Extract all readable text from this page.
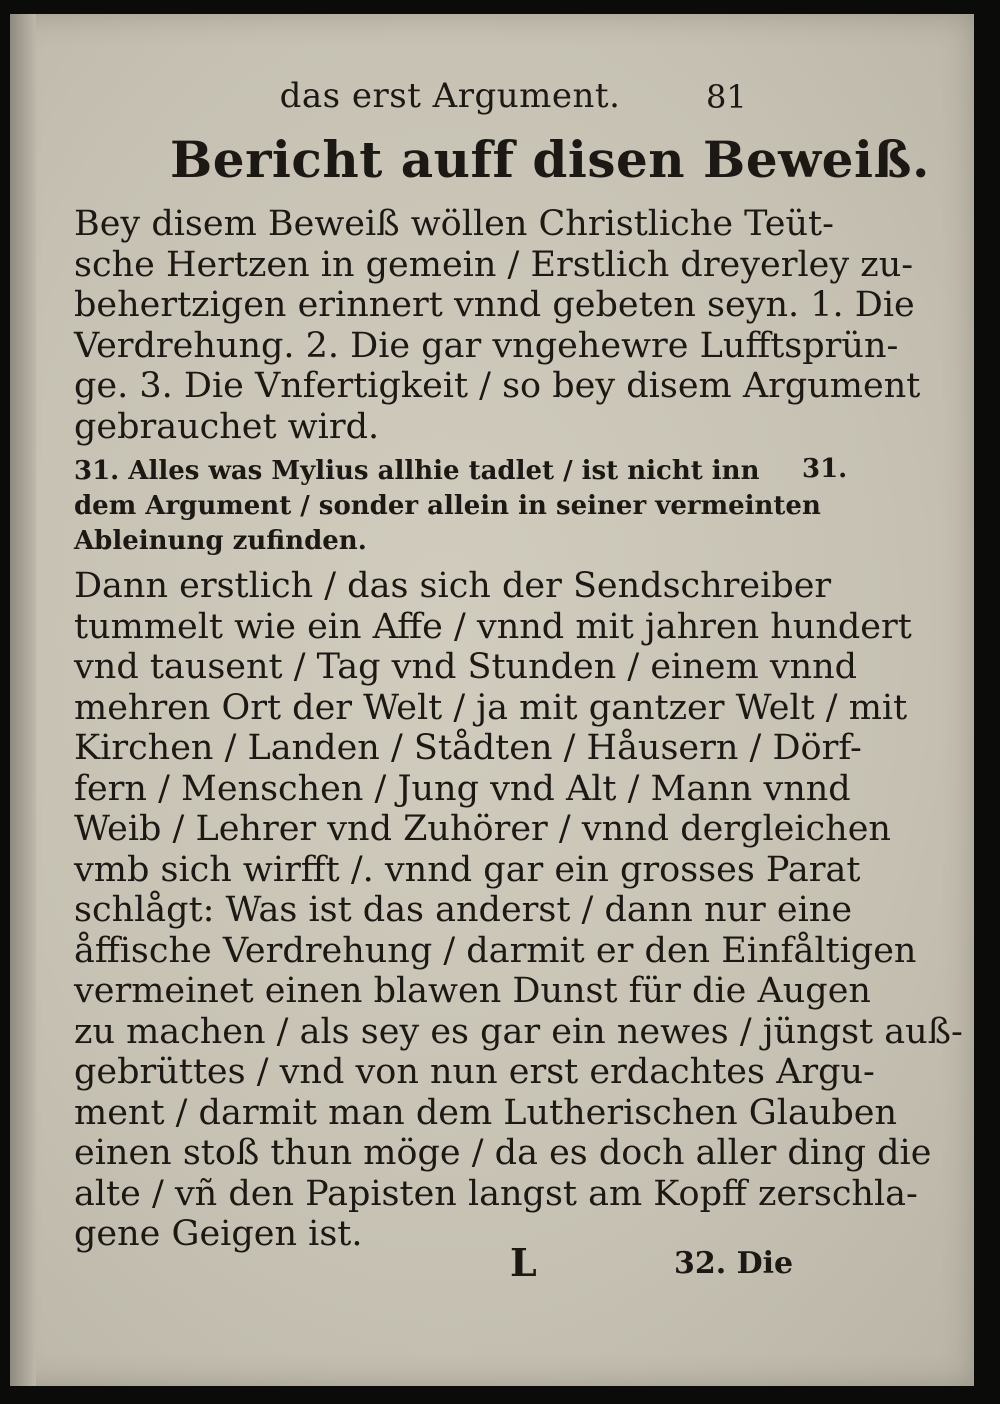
das erst Argument.	81
Bericht auff disen Beweiß.
Bey disem Beweiß wöllen Christliche Teüt-
sche Hertzen in gemein / Erstlich dreyerley zu-
behertzigen erinnert vnnd gebeten seyn. 1. Die
Verdrehung. 2. Die gar vngehewre Lufftsprün-
ge. 3. Die Vnfertigkeit / so bey disem Argument
gebrauchet wird.
31. Alles was Mylius allhie tadlet / ist nicht inn
dem Argument / sonder allein in seiner vermeinten
Ableinung zufinden.
31.
Dann erstlich / das sich der Sendschreiber
tummelt wie ein Affe / vnnd mit jahren hundert
vnd tausent / Tag vnd Stunden / einem vnnd
mehren Ort der Welt / ja mit gantzer Welt / mit
Kirchen / Landen / Stådten / Håusern / Dörf-
fern / Menschen / Jung vnd Alt / Mann vnnd
Weib / Lehrer vnd Zuhörer / vnnd dergleichen
vmb sich wirfft /. vnnd gar ein grosses Parat
schlågt: Was ist das anderst / dann nur eine
åffische Verdrehung / darmit er den Einfåltigen
vermeinet einen blawen Dunst für die Augen
zu machen / als sey es gar ein newes / jüngst auß-
gebrüttes / vnd von nun erst erdachtes Argu-
ment / darmit man dem Lutherischen Glauben
einen stoß thun möge / da es doch aller ding die
alte / vñ den Papisten langst am Kopff zerschla-
gene Geigen ist.
L	32. Die
